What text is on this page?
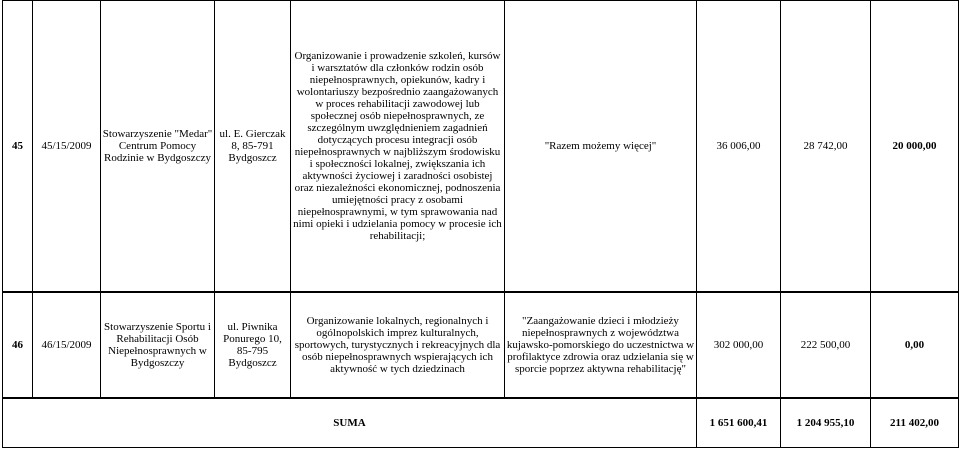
45	45/15/2009	Stowarzyszenie "Medar" Centrum Pomocy Rodzinie w Bydgoszczy	ul. E. Gierczak 8, 85-791 Bydgoszcz	Organizowanie i prowadzenie szkoleń, kursów i warsztatów dla członków rodzin osób niepełnosprawnych, opiekunów, kadry i wolontariuszy bezpośrednio zaangażowanych w proces rehabilitacji zawodowej lub społecznej osób niepełnosprawnych, ze szczególnym uwzględnieniem zagadnień dotyczących procesu integracji osób niepełnosprawnych w najbliższym środowisku i społeczności lokalnej, zwiększania ich aktywności życiowej i zaradności osobistej oraz niezależności ekonomicznej, podnoszenia umiejętności pracy z osobami niepełnosprawnymi, w tym sprawowania nad nimi opieki i udzielania pomocy w procesie ich rehabilitacji;	"Razem możemy więcej"	36 006,00	28 742,00	20 000,00
46	46/15/2009	Stowarzyszenie Sportu i Rehabilitacji Osób Niepełnosprawnych w Bydgoszczy	ul. Piwnika Ponurego 10, 85-795 Bydgoszcz	Organizowanie lokalnych, regionalnych i ogólnopolskich imprez kulturalnych, sportowych, turystycznych i rekreacyjnych dla osób niepełnosprawnych wspierających ich aktywność w tych dziedzinach	"Zaangażowanie dzieci i młodzieży niepełnosprawnych z województwa kujawsko-pomorskiego do uczestnictwa w profilaktyce zdrowia oraz udzielania się w sporcie poprzez aktywna rehabilitację"	302 000,00	222 500,00	0,00
SUMA	1 651 600,41	1 204 955,10	211 402,00
